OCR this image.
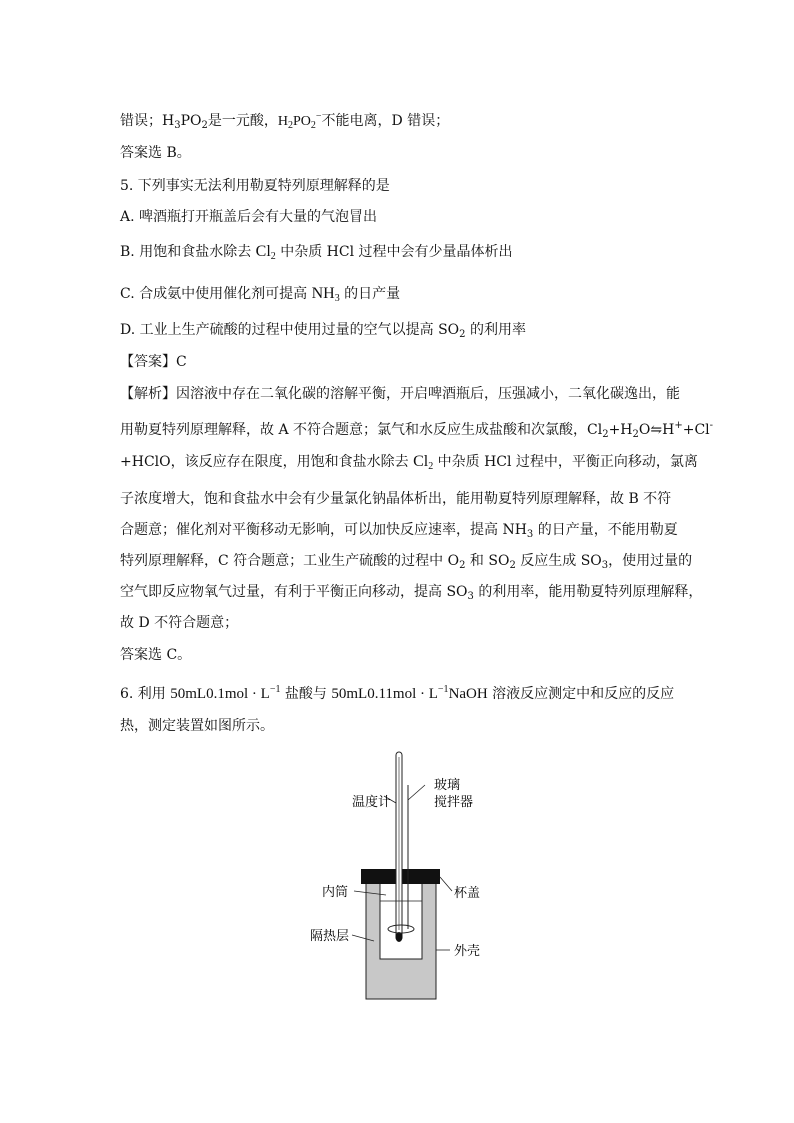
错误；$H_3PO_2$是一元酸，$H_2PO_2^-$不能电离，D 错误；
答案选 B。
5. 下列事实无法利用勒夏特列原理解释的是
A. 啤酒瓶打开瓶盖后会有大量的气泡冒出
B. 用饱和食盐水除去 $Cl_2$ 中杂质 HCl 过程中会有少量晶体析出
C. 合成氨中使用催化剂可提高 $NH_3$ 的日产量
D. 工业上生产硫酸的过程中使用过量的空气以提高 $SO_2$ 的利用率
【答案】C
【解析】因溶液中存在二氧化碳的溶解平衡，开启啤酒瓶后，压强减小，二氧化碳逸出，能
用勒夏特列原理解释，故 A 不符合题意；氯气和水反应生成盐酸和次氯酸，$Cl_2+H_2O⇋H^++Cl^-$
+HClO，该反应存在限度，用饱和食盐水除去 $Cl_2$ 中杂质 HCl 过程中，平衡正向移动，氯离
子浓度增大，饱和食盐水中会有少量氯化钠晶体析出，能用勒夏特列原理解释，故 B 不符
合题意；催化剂对平衡移动无影响，可以加快反应速率，提高 $NH_3$ 的日产量，不能用勒夏
特列原理解释，C 符合题意；工业生产硫酸的过程中 $O_2$ 和 $SO_2$ 反应生成 $SO_3$，使用过量的
空气即反应物氧气过量，有利于平衡正向移动，提高 $SO_3$ 的利用率，能用勒夏特列原理解释，
故 D 不符合题意；
答案选 C。
6. 利用 $50mL0.1mol \cdot L^{-1}$ 盐酸与 $50mL0.11mol \cdot L^{-1}NaOH$ 溶液反应测定中和反应的反应
热，测定装置如图所示。
温度计
玻璃
搅拌器
内筒	杯盖
隔热层
外壳
